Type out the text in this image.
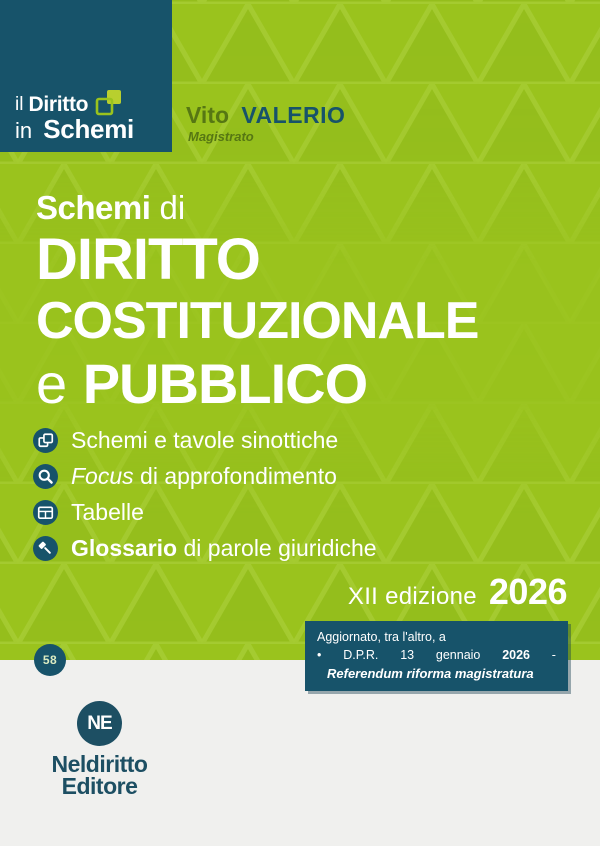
il Diritto
in Schemi	Vito VALERIO
Magistrato
Schemi di
DIRITTO
COSTITUZIONALE
e PUBBLICO
Schemi e tavole sinottiche
Focus di approfondimento
Tabelle
Glossario di parole giuridiche
XII edizione 2026
Aggiornato, tra l'altro, a
• D.P.R. 13 gennaio 2026 -
Referendum riforma magistratura
58
NE
Neldiritto
Editore
